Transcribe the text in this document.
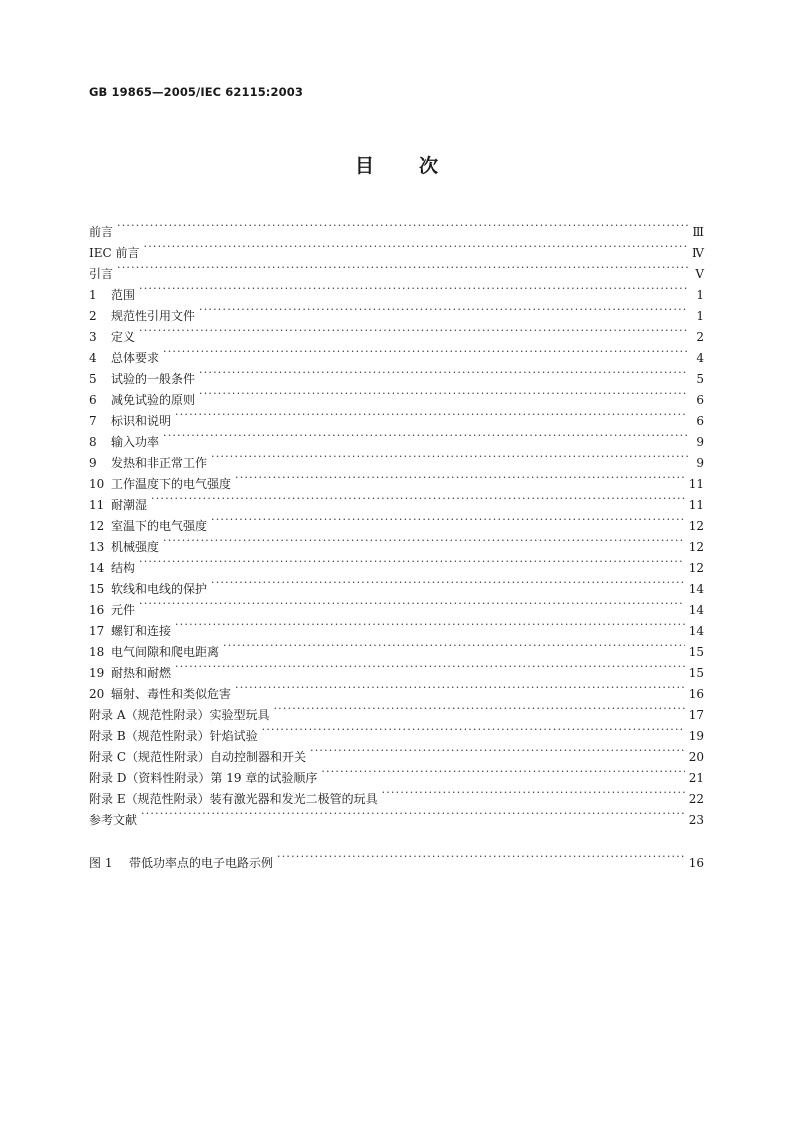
GB 19865—2005/IEC 62115:2003
目 次
前言 ·····	Ⅲ
IEC 前言 ·····	Ⅳ
引言 ·····	Ⅴ
1	范围 ·····	1
2	规范性引用文件 ·····	1
3	定义 ·····	2
4	总体要求 ·····	4
5	试验的一般条件 ·····	5
6	减免试验的原则 ·····	6
7	标识和说明 ·····	6
8	输入功率 ·····	9
9	发热和非正常工作 ·····	9
10 工作温度下的电气强度 ·····	11
11 耐潮湿 ·····	11
12 室温下的电气强度 ·····	12
13 机械强度 ·····	12
14 结构 ·····	12
15 软线和电线的保护 ·····	14
16 元件 ·····	14
17 螺钉和连接 ·····	14
18 电气间隙和爬电距离 ·····	15
19 耐热和耐燃 ·····	15
20 辐射、毒性和类似危害 ·····	16
附录 A（规范性附录）实验型玩具 ·····	17
附录 B（规范性附录）针焰试验 ·····	19
附录 C（规范性附录）自动控制器和开关 ·····	20
附录 D（资料性附录）第 19 章的试验顺序 ·····	21
附录 E（规范性附录）装有激光器和发光二极管的玩具 ·····	22
参考文献 ·····	23
图 1	带低功率点的电子电路示例 ·····	16
